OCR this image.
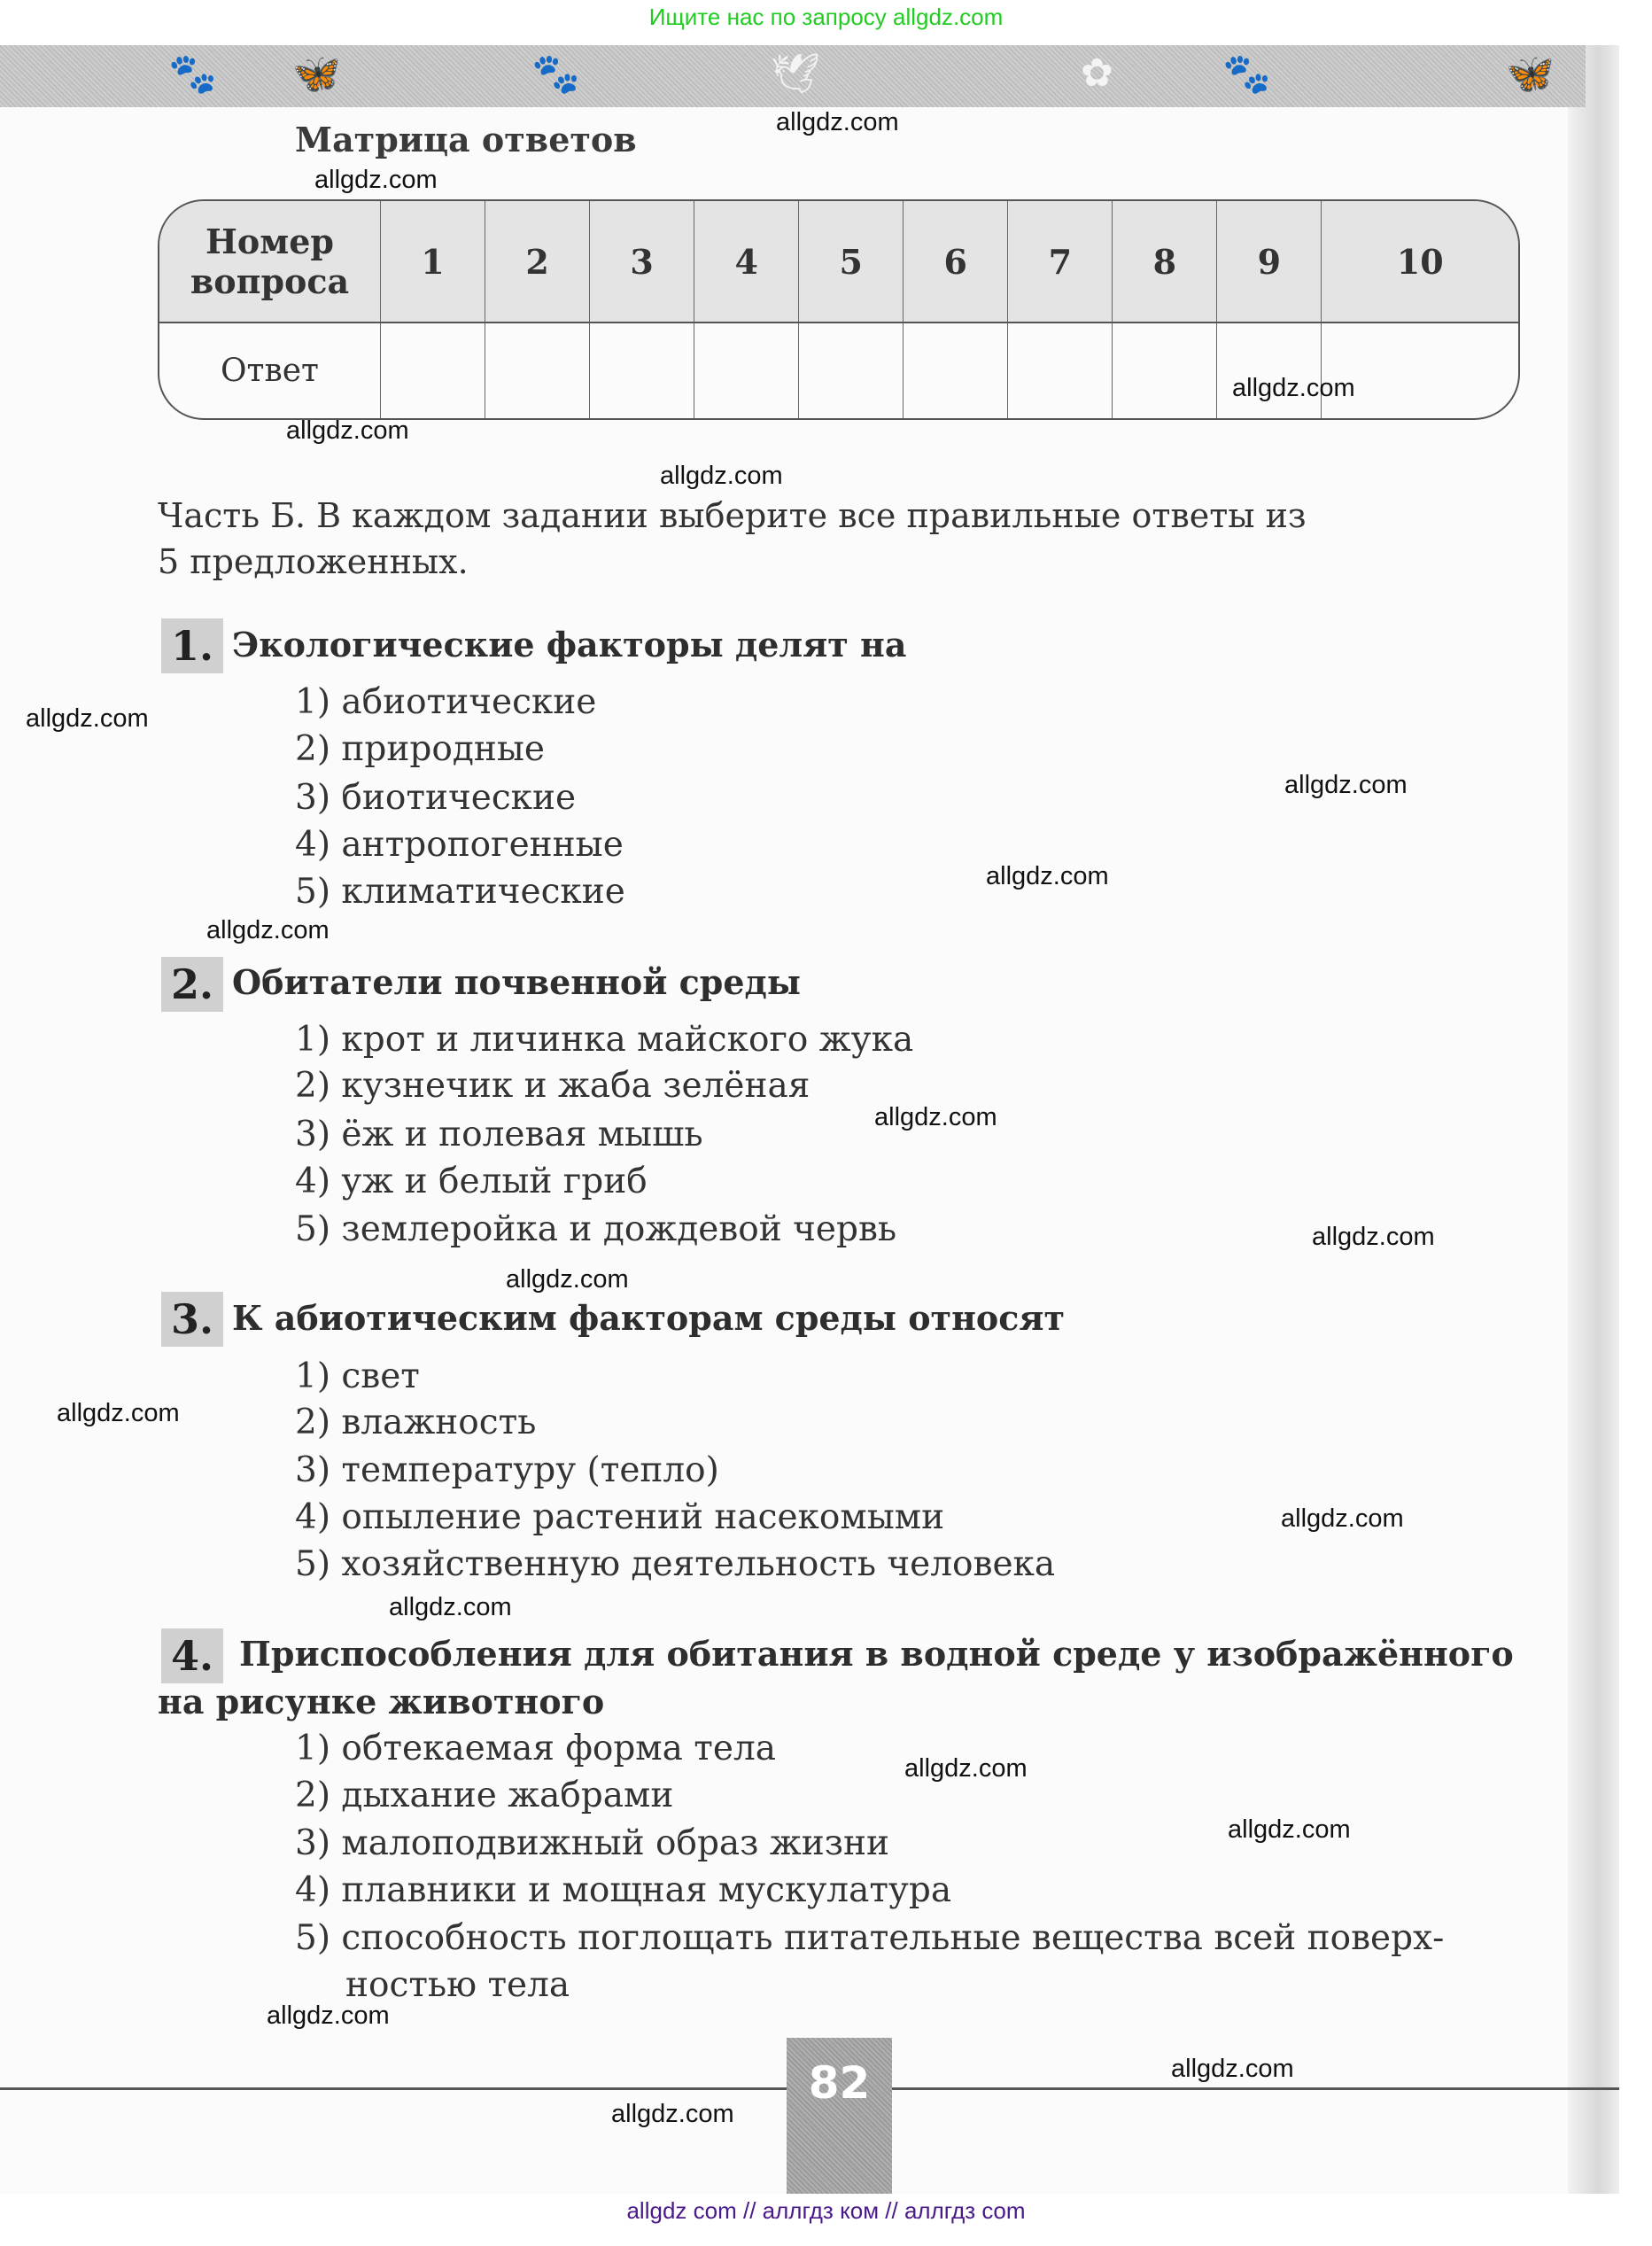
Ищите нас по запросу allgdz.com
🐾 🦋	🐾	🕊	✿	🐾	🦋
Матрица ответов
Номер
вопроса	1	2	3	4	5	6	7	8	9	10
Ответ										
Часть Б. В каждом задании выберите все правильные ответы из
5 предложенных.
1. Экологические факторы делят на
1) абиотические
2) природные
3) биотические
4) антропогенные
5) климатические
2. Обитатели почвенной среды
1) крот и личинка майского жука
2) кузнечик и жаба зелёная
3) ёж и полевая мышь
4) уж и белый гриб
5) землеройка и дождевой червь
3. К абиотическим факторам среды относят
1) свет
2) влажность
3) температуру (тепло)
4) опыление растений насекомыми
5) хозяйственную деятельность человека
4. Приспособления для обитания в водной среде у изображённого
на рисунке животного
1) обтекаемая форма тела
2) дыхание жабрами
3) малоподвижный образ жизни
4) плавники и мощная мускулатура
5) способность поглощать питательные вещества всей поверх-
ностью тела
82
allgdz.com
allgdz.com
allgdz.com
allgdz.com
allgdz.com
allgdz.com
allgdz.com
allgdz.com
allgdz.com
allgdz.com
allgdz.com
allgdz.com
allgdz.com
allgdz.com
allgdz.com
allgdz.com
allgdz.com
allgdz.com
allgdz.com
allgdz.com
allgdz com // аллгдз ком // аллгдз com
